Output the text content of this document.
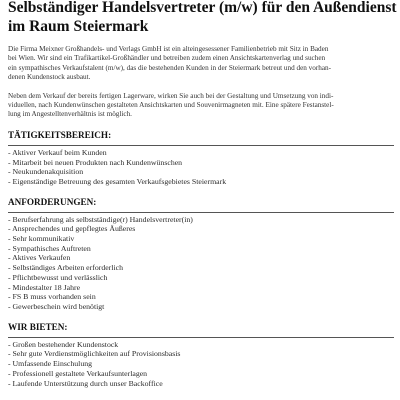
Selbständiger Handelsvertreter (m/w) für den Außendienst
im Raum Steiermark

Die Firma Meixner Großhandels- und Verlags GmbH ist ein alteingesessener Familienbetrieb mit Sitz in Baden
bei Wien. Wir sind ein Trafikartikel-Großhändler und betreiben zudem einen Ansichtskartenverlag und suchen
ein sympathisches Verkaufstalent (m/w), das die bestehenden Kunden in der Steiermark betreut und den vorhan-
denen Kundenstock ausbaut.

Neben dem Verkauf der bereits fertigen Lagerware, wirken Sie auch bei der Gestaltung und Umsetzung von indi-
viduellen, nach Kundenwünschen gestalteten Ansichtskarten und Souvenirmagneten mit. Eine spätere Festanstel-
lung im Angestelltenverhältnis ist möglich.

TÄTIGKEITSBEREICH:
- Aktiver Verkauf beim Kunden
- Mitarbeit bei neuen Produkten nach Kundenwünschen
- Neukundenakquisition
- Eigenständige Betreuung des gesamten Verkaufsgebietes Steiermark
ANFORDERUNGEN:
- Berufserfahrung als selbstständige(r) Handelsvertreter(in)
- Ansprechendes und gepflegtes Äußeres
- Sehr kommunikativ
- Sympathisches Auftreten
- Aktives Verkaufen
- Selbständiges Arbeiten erforderlich
- Pflichtbewusst und verlässlich
- Mindestalter 18 Jahre
- FS B muss vorhanden sein
- Gewerbeschein wird benötigt
WIR BIETEN:
- Großen bestehender Kundenstock
- Sehr gute Verdienstmöglichkeiten auf Provisionsbasis
- Umfassende Einschulung
- Professionell gestaltete Verkaufsunterlagen
- Laufende Unterstützung durch unser Backoffice
